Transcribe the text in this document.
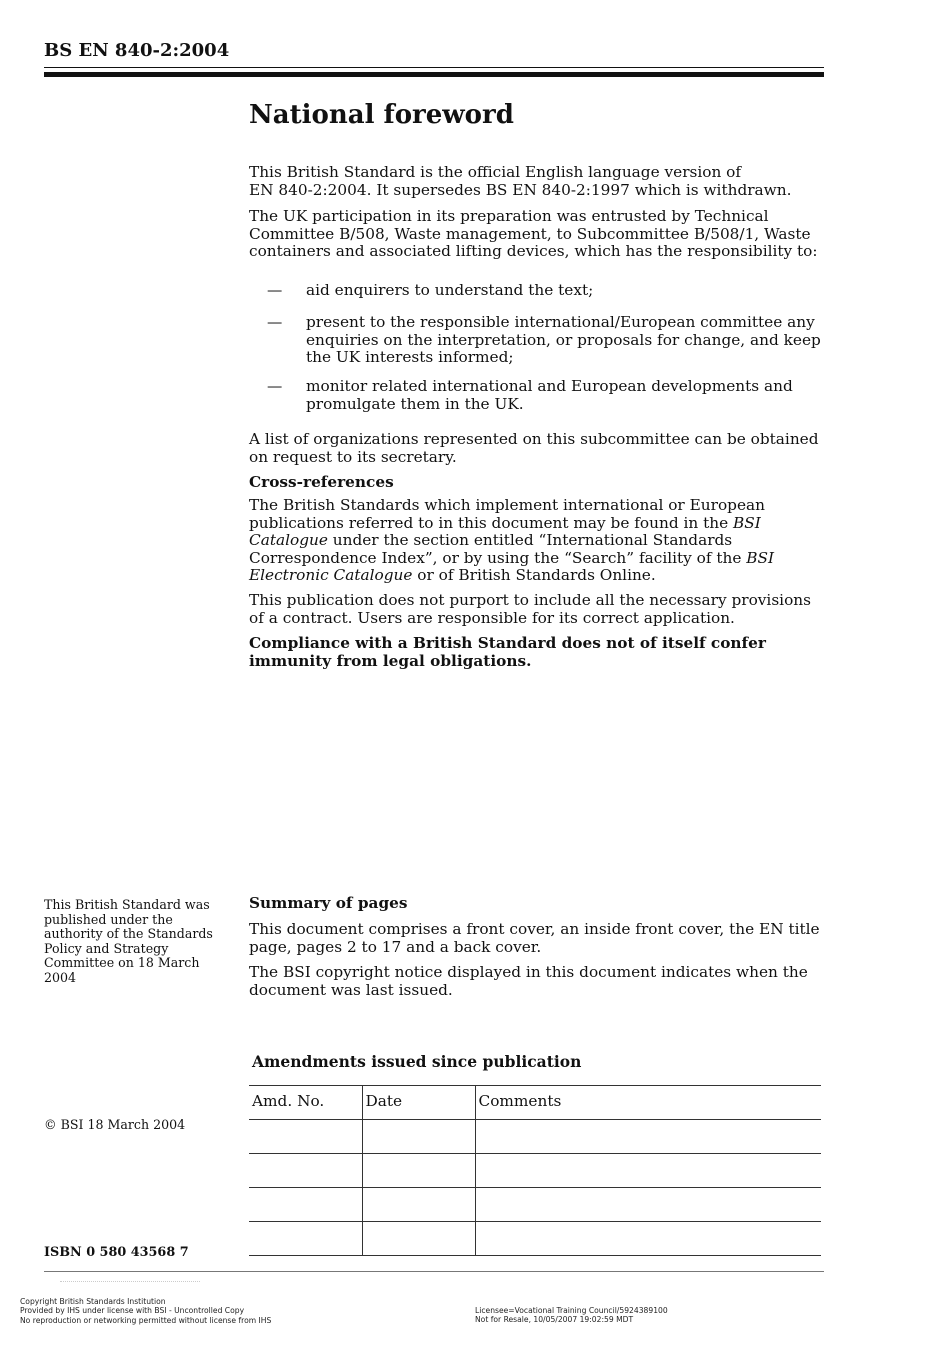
BS EN 840-2:2004
National foreword

This British Standard is the official English language version of

EN 840-2:2004. It supersedes BS EN 840-2:1997 which is withdrawn.

The UK participation in its preparation was entrusted by Technical Committee B/508, Waste management, to Subcommittee B/508/1, Waste containers and associated lifting devices, which has the responsibility to:
— aid enquirers to understand the text;
— present to the responsible international/European committee any enquiries on the interpretation, or proposals for change, and keep the UK interests informed;
— monitor related international and European developments and promulgate them in the UK.
A list of organizations represented on this subcommittee can be obtained on request to its secretary.
Cross-references
The British Standards which implement international or European publications referred to in this document may be found in the BSI Catalogue under the section entitled “International Standards Correspondence Index”, or by using the “Search” facility of the BSI Electronic Catalogue or of British Standards Online.
This publication does not purport to include all the necessary provisions of a contract. Users are responsible for its correct application.
Compliance with a British Standard does not of itself confer immunity from legal obligations.
This British Standard was published under the authority of the Standards Policy and Strategy Committee on 18 March 2004
Summary of pages
This document comprises a front cover, an inside front cover, the EN title page, pages 2 to 17 and a back cover.
The BSI copyright notice displayed in this document indicates when the document was last issued.
Amendments issued since publication
Amd. No.	Date	Comments

© BSI 18 March 2004
ISBN 0 580 43568 7
Copyright British Standards Institution
Provided by IHS under license with BSI - Uncontrolled Copy
No reproduction or networking permitted without license from IHS
Licensee=Vocational Training Council/5924389100
Not for Resale, 10/05/2007 19:02:59 MDT
